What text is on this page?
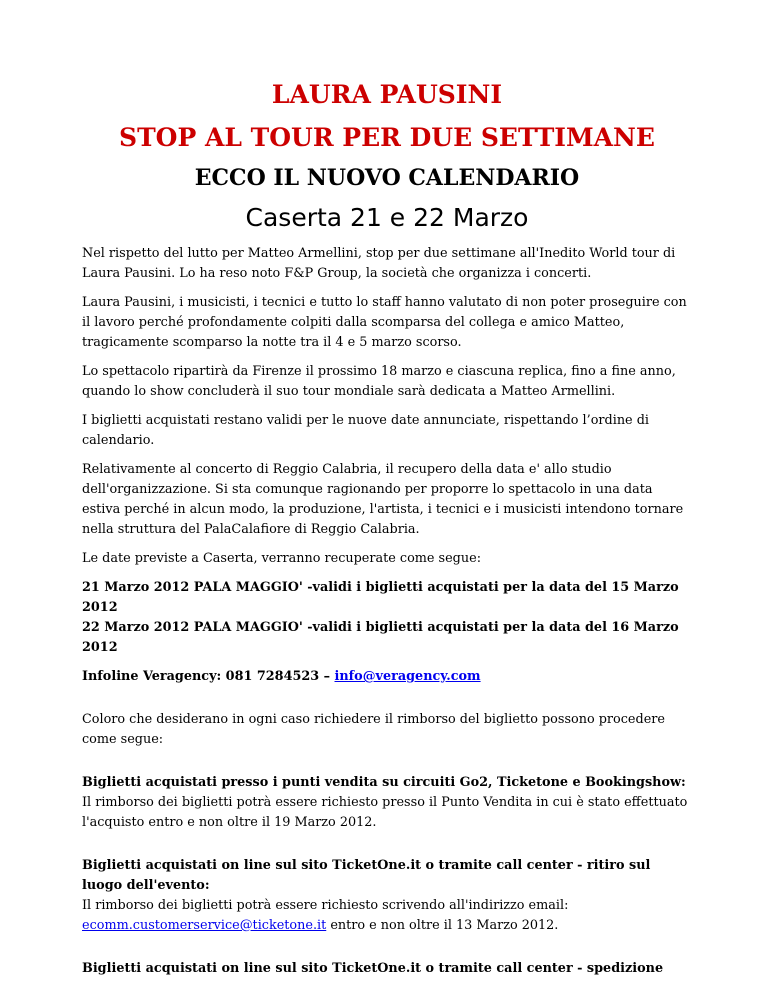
LAURA PAUSINI
STOP AL TOUR PER DUE SETTIMANE
ECCO IL NUOVO CALENDARIO
Caserta 21 e 22 Marzo

Nel rispetto del lutto per Matteo Armellini, stop per due settimane all'Inedito World tour di Laura Pausini. Lo ha reso noto F&P Group, la società che organizza i concerti.

Laura Pausini, i musicisti, i tecnici e tutto lo staff hanno valutato di non poter proseguire con il lavoro perché profondamente colpiti dalla scomparsa del collega e amico Matteo, tragicamente scomparso la notte tra il 4 e 5 marzo scorso.

Lo spettacolo ripartirà da Firenze il prossimo 18 marzo e ciascuna replica, fino a fine anno, quando lo show concluderà il suo tour mondiale sarà dedicata a Matteo Armellini.

I biglietti acquistati restano validi per le nuove date annunciate, rispettando l’ordine di calendario.

Relativamente al concerto di Reggio Calabria, il recupero della data e' allo studio dell'organizzazione. Si sta comunque ragionando per proporre lo spettacolo in una data estiva perché in alcun modo, la produzione, l'artista, i tecnici e i musicisti intendono tornare nella struttura del PalaCalafiore di Reggio Calabria.

Le date previste a Caserta, verranno recuperate come segue:

21 Marzo 2012 PALA MAGGIO' -validi i biglietti acquistati per la data del 15 Marzo 2012
22 Marzo 2012 PALA MAGGIO' -validi i biglietti acquistati per la data del 16 Marzo 2012

Infoline Veragency: 081 7284523 – info@veragency.com

Coloro che desiderano in ogni caso richiedere il rimborso del biglietto possono procedere come segue:

Biglietti acquistati presso i punti vendita su circuiti Go2, Ticketone e Bookingshow:
Il rimborso dei biglietti potrà essere richiesto presso il Punto Vendita in cui è stato effettuato l'acquisto entro e non oltre il 19 Marzo 2012.

Biglietti acquistati on line sul sito TicketOne.it o tramite call center - ritiro sul luogo dell'evento:
Il rimborso dei biglietti potrà essere richiesto scrivendo all'indirizzo email:
ecomm.customerservice@ticketone.it entro e non oltre il 13 Marzo 2012.

Biglietti acquistati on line sul sito TicketOne.it o tramite call center - spedizione
